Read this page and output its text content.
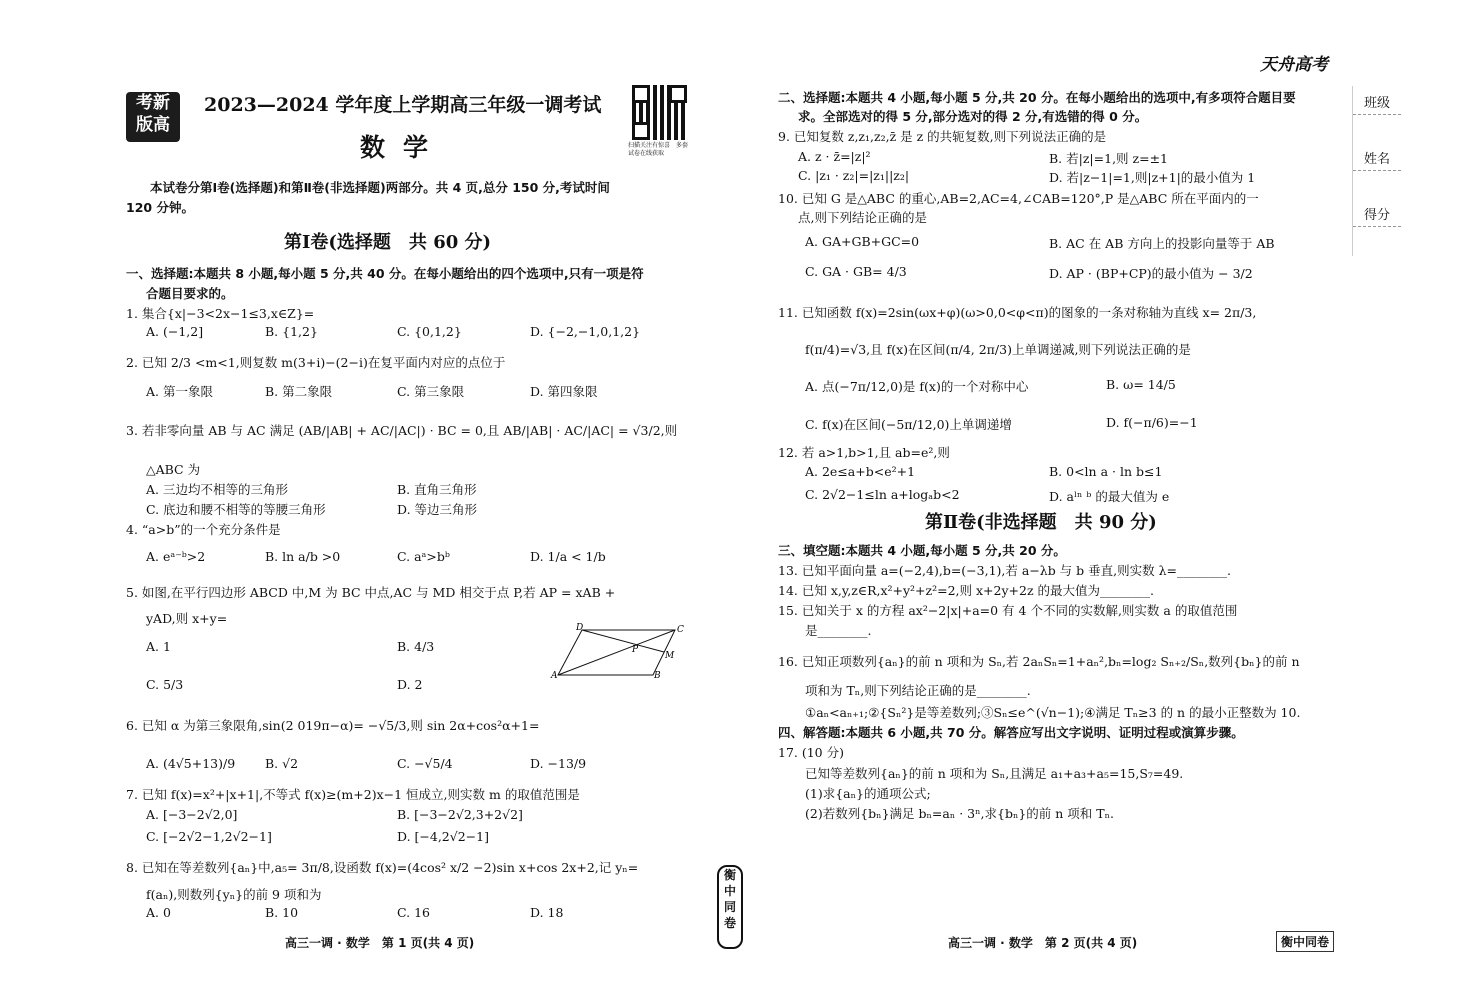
考新
版高
2023—2024 学年度上学期高三年级一调考试
数学	扫描关注有惊喜　多套试卷在线获取
本试卷分第Ⅰ卷(选择题)和第Ⅱ卷(非选择题)两部分。共 4 页,总分 150 分,考试时间
120 分钟。
第Ⅰ卷(选择题　共 60 分)
一、选择题:本题共 8 小题,每小题 5 分,共 40 分。在每小题给出的四个选项中,只有一项是符
合题目要求的。
1. 集合{x|−3<2x−1≤3,x∈Z}=
A. (−1,2]	B. {1,2}	C. {0,1,2}	D. {−2,−1,0,1,2}
2. 已知 2/3 <m<1,则复数 m(3+i)−(2−i)在复平面内对应的点位于
A. 第一象限	B. 第二象限	C. 第三象限	D. 第四象限
3. 若非零向量 AB 与 AC 满足 (AB/|AB| + AC/|AC|) · BC = 0,且 AB/|AB| · AC/|AC| = √3/2,则
△ABC 为
A. 三边均不相等的三角形	B. 直角三角形
C. 底边和腰不相等的等腰三角形	D. 等边三角形
4. “a>b”的一个充分条件是
A. eᵃ⁻ᵇ>2	B. ln a/b >0	C. aᵃ>bᵇ	D. 1/a < 1/b
5. 如图,在平行四边形 ABCD 中,M 为 BC 中点,AC 与 MD 相交于点 P,若 AP = xAB +
yAD,则 x+y=
A. 1	B. 4/3
C. 5/3	D. 2
D	C
P
M
A	B
6. 已知 α 为第三象限角,sin(2 019π−α)= −√5/3,则 sin 2α+cos²α+1=
A. (4√5+13)/9 B. √2	C. −√5/4	D. −13/9
7. 已知 f(x)=x²+|x+1|,不等式 f(x)≥(m+2)x−1 恒成立,则实数 m 的取值范围是
A. [−3−2√2,0]	B. [−3−2√2,3+2√2]
C. [−2√2−1,2√2−1]	D. [−4,2√2−1]
8. 已知在等差数列{aₙ}中,a₅= 3π/8,设函数 f(x)=(4cos² x/2 −2)sin x+cos 2x+2,记 yₙ=
f(aₙ),则数列{yₙ}的前 9 项和为
A. 0	B. 10	C. 16	D. 18
高三一调 · 数学　第 1 页(共 4 页)
衡中同卷
天舟高考
二、选择题:本题共 4 小题,每小题 5 分,共 20 分。在每小题给出的选项中,有多项符合题目要
求。全部选对的得 5 分,部分选对的得 2 分,有选错的得 0 分。
9. 已知复数 z,z₁,z₂,z̄ 是 z 的共轭复数,则下列说法正确的是
A. z · z̄=|z|²	B. 若|z|=1,则 z=±1
C. |z₁ · z₂|=|z₁||z₂|	D. 若|z−1|=1,则|z+1|的最小值为 1
10. 已知 G 是△ABC 的重心,AB=2,AC=4,∠CAB=120°,P 是△ABC 所在平面内的一
点,则下列结论正确的是
A. GA+GB+GC=0	B. AC 在 AB 方向上的投影向量等于 AB
C. GA · GB= 4/3	D. AP · (BP+CP)的最小值为 − 3/2
11. 已知函数 f(x)=2sin(ωx+φ)(ω>0,0<φ<π)的图象的一条对称轴为直线 x= 2π/3,
f(π/4)=√3,且 f(x)在区间(π/4, 2π/3)上单调递减,则下列说法正确的是
A. 点(−7π/12,0)是 f(x)的一个对称中心	B. ω= 14/5
C. f(x)在区间(−5π/12,0)上单调递增	D. f(−π/6)=−1
12. 若 a>1,b>1,且 ab=e²,则
A. 2e≤a+b<e²+1	B. 0<ln a · ln b≤1
C. 2√2−1≤ln a+logₐb<2	D. aˡⁿ ᵇ 的最大值为 e
第Ⅱ卷(非选择题　共 90 分)
三、填空题:本题共 4 小题,每小题 5 分,共 20 分。
13. 已知平面向量 a=(−2,4),b=(−3,1),若 a−λb 与 b 垂直,则实数 λ=________.
14. 已知 x,y,z∈R,x²+y²+z²=2,则 x+2y+2z 的最大值为________.
15. 已知关于 x 的方程 ax²−2|x|+a=0 有 4 个不同的实数解,则实数 a 的取值范围
是________.
16. 已知正项数列{aₙ}的前 n 项和为 Sₙ,若 2aₙSₙ=1+aₙ²,bₙ=log₂ Sₙ₊₂/Sₙ,数列{bₙ}的前 n
项和为 Tₙ,则下列结论正确的是________.
①aₙ<aₙ₊₁;②{Sₙ²}是等差数列;③Sₙ≤e^(√n−1);④满足 Tₙ≥3 的 n 的最小正整数为 10.
四、解答题:本题共 6 小题,共 70 分。解答应写出文字说明、证明过程或演算步骤。
17. (10 分)
已知等差数列{aₙ}的前 n 项和为 Sₙ,且满足 a₁+a₃+a₅=15,S₇=49.
(1)求{aₙ}的通项公式;
(2)若数列{bₙ}满足 bₙ=aₙ · 3ⁿ,求{bₙ}的前 n 项和 Tₙ.
高三一调 · 数学　第 2 页(共 4 页)	衡中同卷
班级
姓名
得分
